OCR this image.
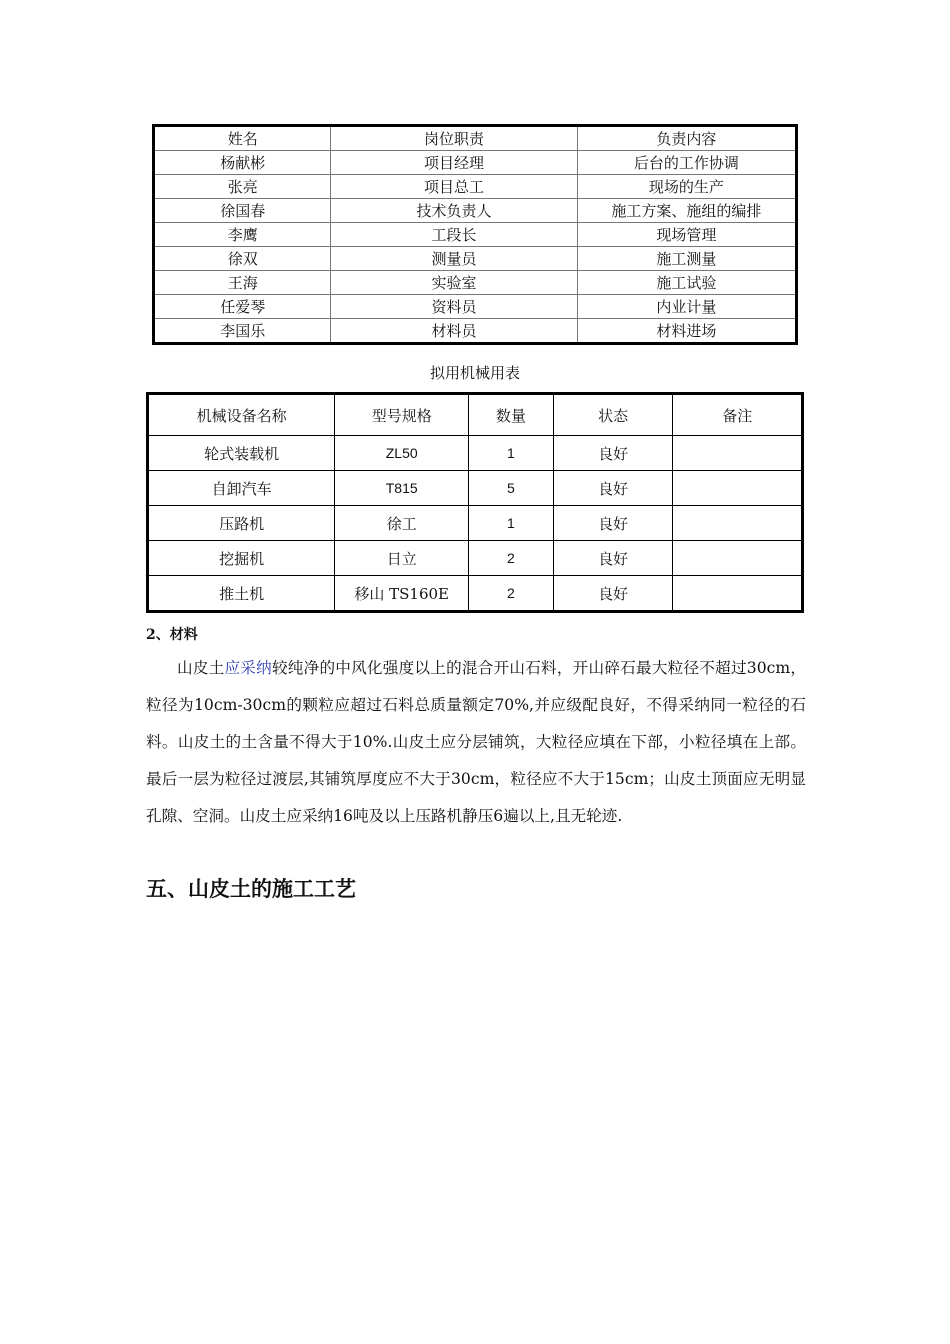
姓名	岗位职责	负责内容
杨献彬	项目经理	后台的工作协调
张亮	项目总工	现场的生产
徐国春	技术负责人	施工方案、施组的编排
李鹰	工段长	现场管理
徐双	测量员	施工测量
王海	实验室	施工试验
任爱琴	资料员	内业计量
李国乐	材料员	材料进场
拟用机械用表
机械设备名称	型号规格	数量	状态	备注
轮式装载机	ZL50	1	良好	
自卸汽车	T815	5	良好	
压路机	徐工	1	良好	
挖掘机	日立	2	良好	
推土机	移山 TS160E	2	良好	
2、材料

山皮土应采纳较纯净的中风化强度以上的混合开山石料，开山碎石最大粒径不超过30cm，粒径为10cm-30cm的颗粒应超过石料总质量额定70%,并应级配良好，不得采纳同一粒径的石料。山皮土的土含量不得大于10%.山皮土应分层铺筑，大粒径应填在下部，小粒径填在上部。最后一层为粒径过渡层,其铺筑厚度应不大于30cm，粒径应不大于15cm；山皮土顶面应无明显孔隙、空洞。山皮土应采纳16吨及以上压路机静压6遍以上,且无轮迹.

五、山皮土的施工工艺
